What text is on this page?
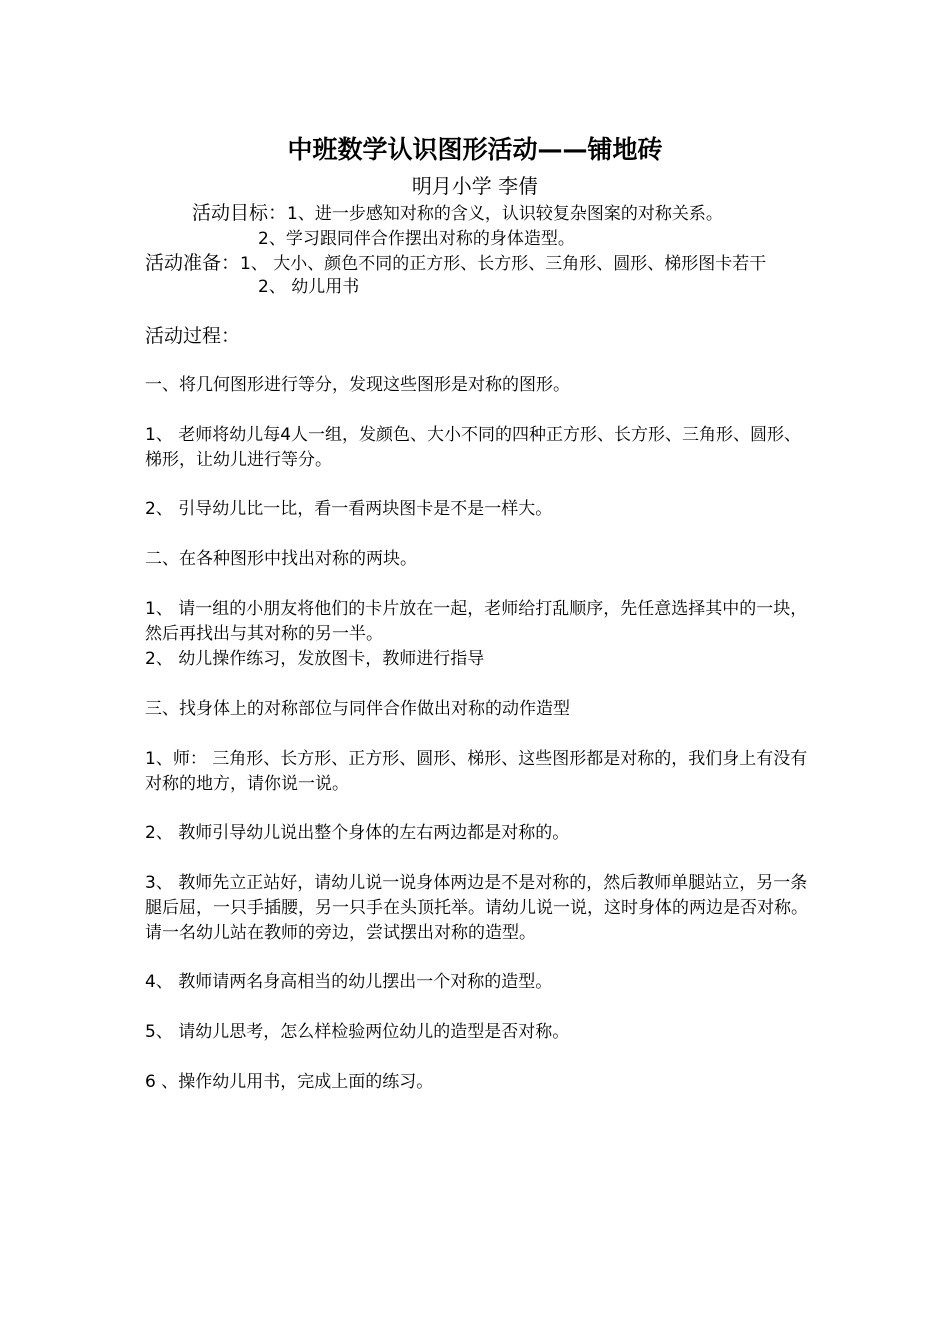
中班数学认识图形活动——铺地砖
明月小学 李倩
活动目标：1、进一步感知对称的含义，认识较复杂图案的对称关系。
2、学习跟同伴合作摆出对称的身体造型。
活动准备：1、 大小、颜色不同的正方形、长方形、三角形、圆形、梯形图卡若干
2、 幼儿用书
活动过程：
一、将几何图形进行等分，发现这些图形是对称的图形。
1、 老师将幼儿每4人一组，发颜色、大小不同的四种正方形、长方形、三角形、圆形、梯形，让幼儿进行等分。
2、 引导幼儿比一比，看一看两块图卡是不是一样大。
二、在各种图形中找出对称的两块。
1、 请一组的小朋友将他们的卡片放在一起，老师给打乱顺序，先任意选择其中的一块，然后再找出与其对称的另一半。
2、 幼儿操作练习，发放图卡，教师进行指导
三、找身体上的对称部位与同伴合作做出对称的动作造型
1、师： 三角形、长方形、正方形、圆形、梯形、这些图形都是对称的，我们身上有没有对称的地方，请你说一说。
2、 教师引导幼儿说出整个身体的左右两边都是对称的。
3、 教师先立正站好，请幼儿说一说身体两边是不是对称的，然后教师单腿站立，另一条腿后屈，一只手插腰，另一只手在头顶托举。请幼儿说一说，这时身体的两边是否对称。请一名幼儿站在教师的旁边，尝试摆出对称的造型。
4、 教师请两名身高相当的幼儿摆出一个对称的造型。
5、 请幼儿思考，怎么样检验两位幼儿的造型是否对称。
6 、操作幼儿用书，完成上面的练习。
